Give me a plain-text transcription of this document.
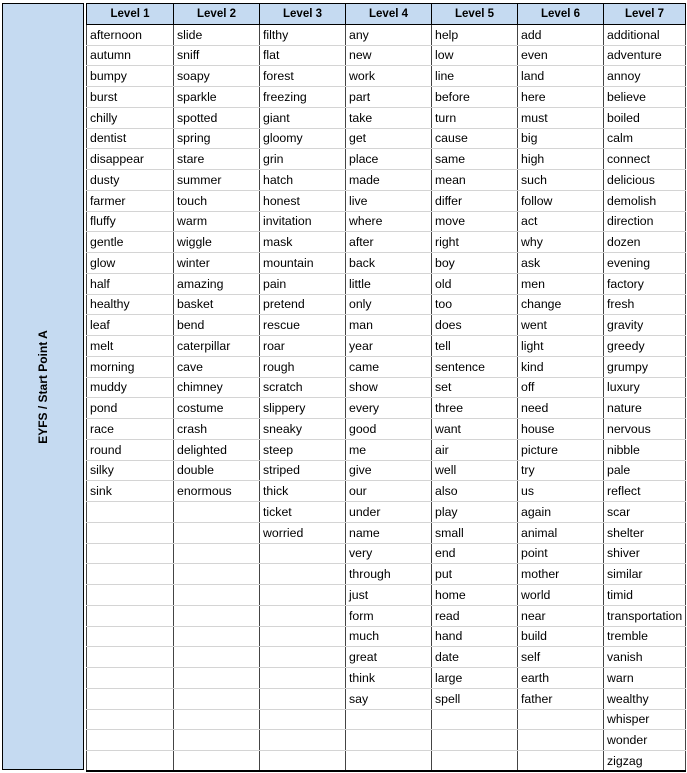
EYFS / Start Point A
Level 1	Level 2	Level 3	Level 4	Level 5	Level 6	Level 7
afternoon	slide	filthy	any	help	add	additional
autumn	sniff	flat	new	low	even	adventure
bumpy	soapy	forest	work	line	land	annoy
burst	sparkle	freezing	part	before	here	believe
chilly	spotted	giant	take	turn	must	boiled
dentist	spring	gloomy	get	cause	big	calm
disappear	stare	grin	place	same	high	connect
dusty	summer	hatch	made	mean	such	delicious
farmer	touch	honest	live	differ	follow	demolish
fluffy	warm	invitation	where	move	act	direction
gentle	wiggle	mask	after	right	why	dozen
glow	winter	mountain	back	boy	ask	evening
half	amazing	pain	little	old	men	factory
healthy	basket	pretend	only	too	change	fresh
leaf	bend	rescue	man	does	went	gravity
melt	caterpillar	roar	year	tell	light	greedy
morning	cave	rough	came	sentence	kind	grumpy
muddy	chimney	scratch	show	set	off	luxury
pond	costume	slippery	every	three	need	nature
race	crash	sneaky	good	want	house	nervous
round	delighted	steep	me	air	picture	nibble
silky	double	striped	give	well	try	pale
sink	enormous	thick	our	also	us	reflect
		ticket	under	play	again	scar
		worried	name	small	animal	shelter
			very	end	point	shiver
			through	put	mother	similar
			just	home	world	timid
			form	read	near	transportation
			much	hand	build	tremble
			great	date	self	vanish
			think	large	earth	warn
			say	spell	father	wealthy
						whisper
						wonder
						zigzag
